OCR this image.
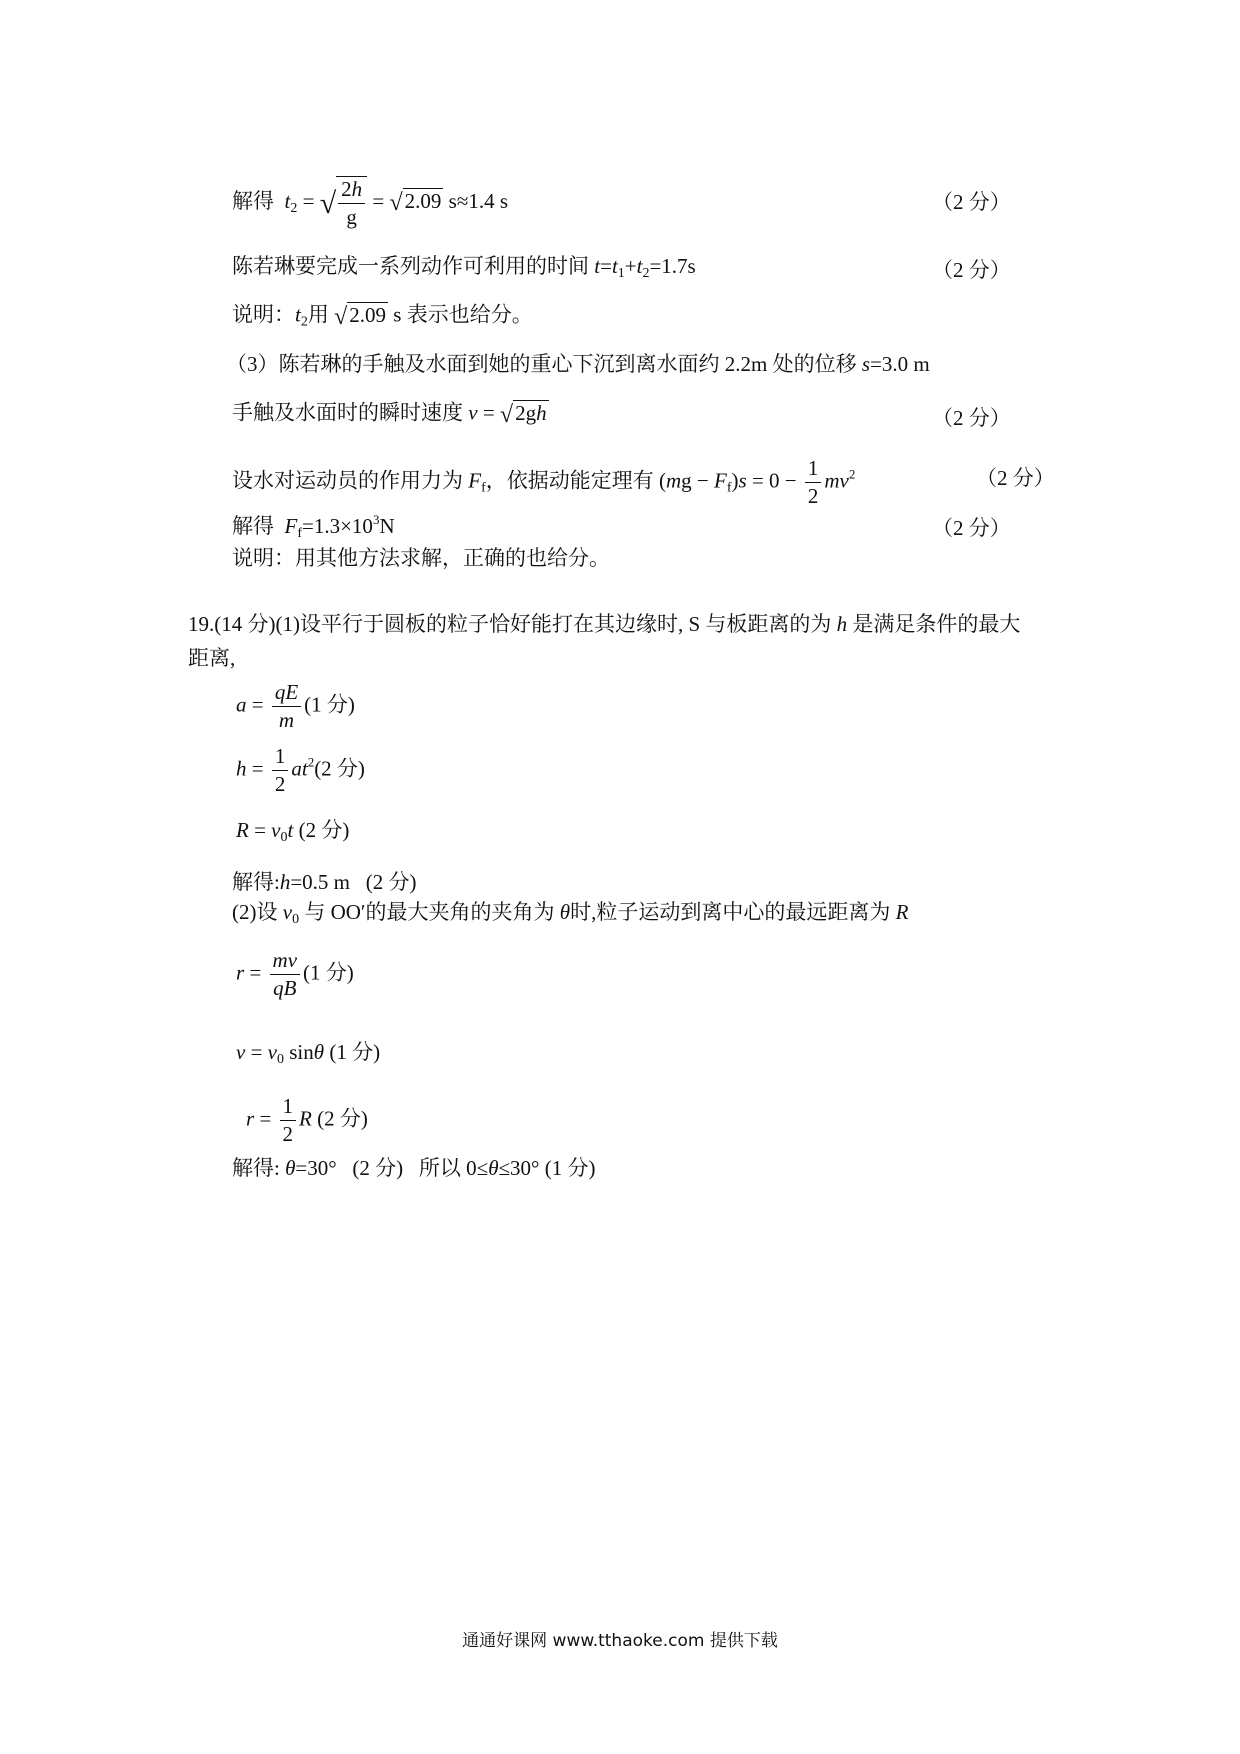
解得 $t_2$ = √ $\frac{2h}{g} = √2.09$ s≈1.4 s	（2 分）
陈若琳要完成一系列动作可利用的时间 $t=t_1+t_2=1.7s$	（2 分）
说明：$t_2$用 √2.09 s 表示也给分。
（3）陈若琳的手触及水面到她的重心下沉到离水面约 2.2m 处的位移 s=3.0 m
手触及水面时的瞬时速度 v = √2gh	（2 分）
设水对运动员的作用力为 $F_f$，依据动能定理有 $(mg - F_f)s = 0 - \frac{1}{2} mv^2$	（2 分）
解得 $F_f=1.3\times 10^3N$	（2 分）
说明：用其他方法求解，正确的也给分。
19.(14 分)(1)设平行于圆板的粒子恰好能打在其边缘时, S 与板距离的为 h 是满足条件的最大
距离,
$a = \frac{qE}{m} (1$ 分)
$h = \frac{1}{2} at^2(2$ 分)
$R = v_0t$ (2 分)
解得:h=0.5 m (2 分)
(2)设 $v_0$ 与 OO′的最大夹角的夹角为 θ时,粒子运动到离中心的最远距离为 R
$r = \frac{mv}{qB} (1$ 分)
$v = v_0$ sinθ (1 分)
$r = \frac{1}{2}$ R (2 分)
解得: θ=30° (2 分) 所以 0≤θ≤30° (1 分)
通通好课网 www.tthaoke.com 提供下载
